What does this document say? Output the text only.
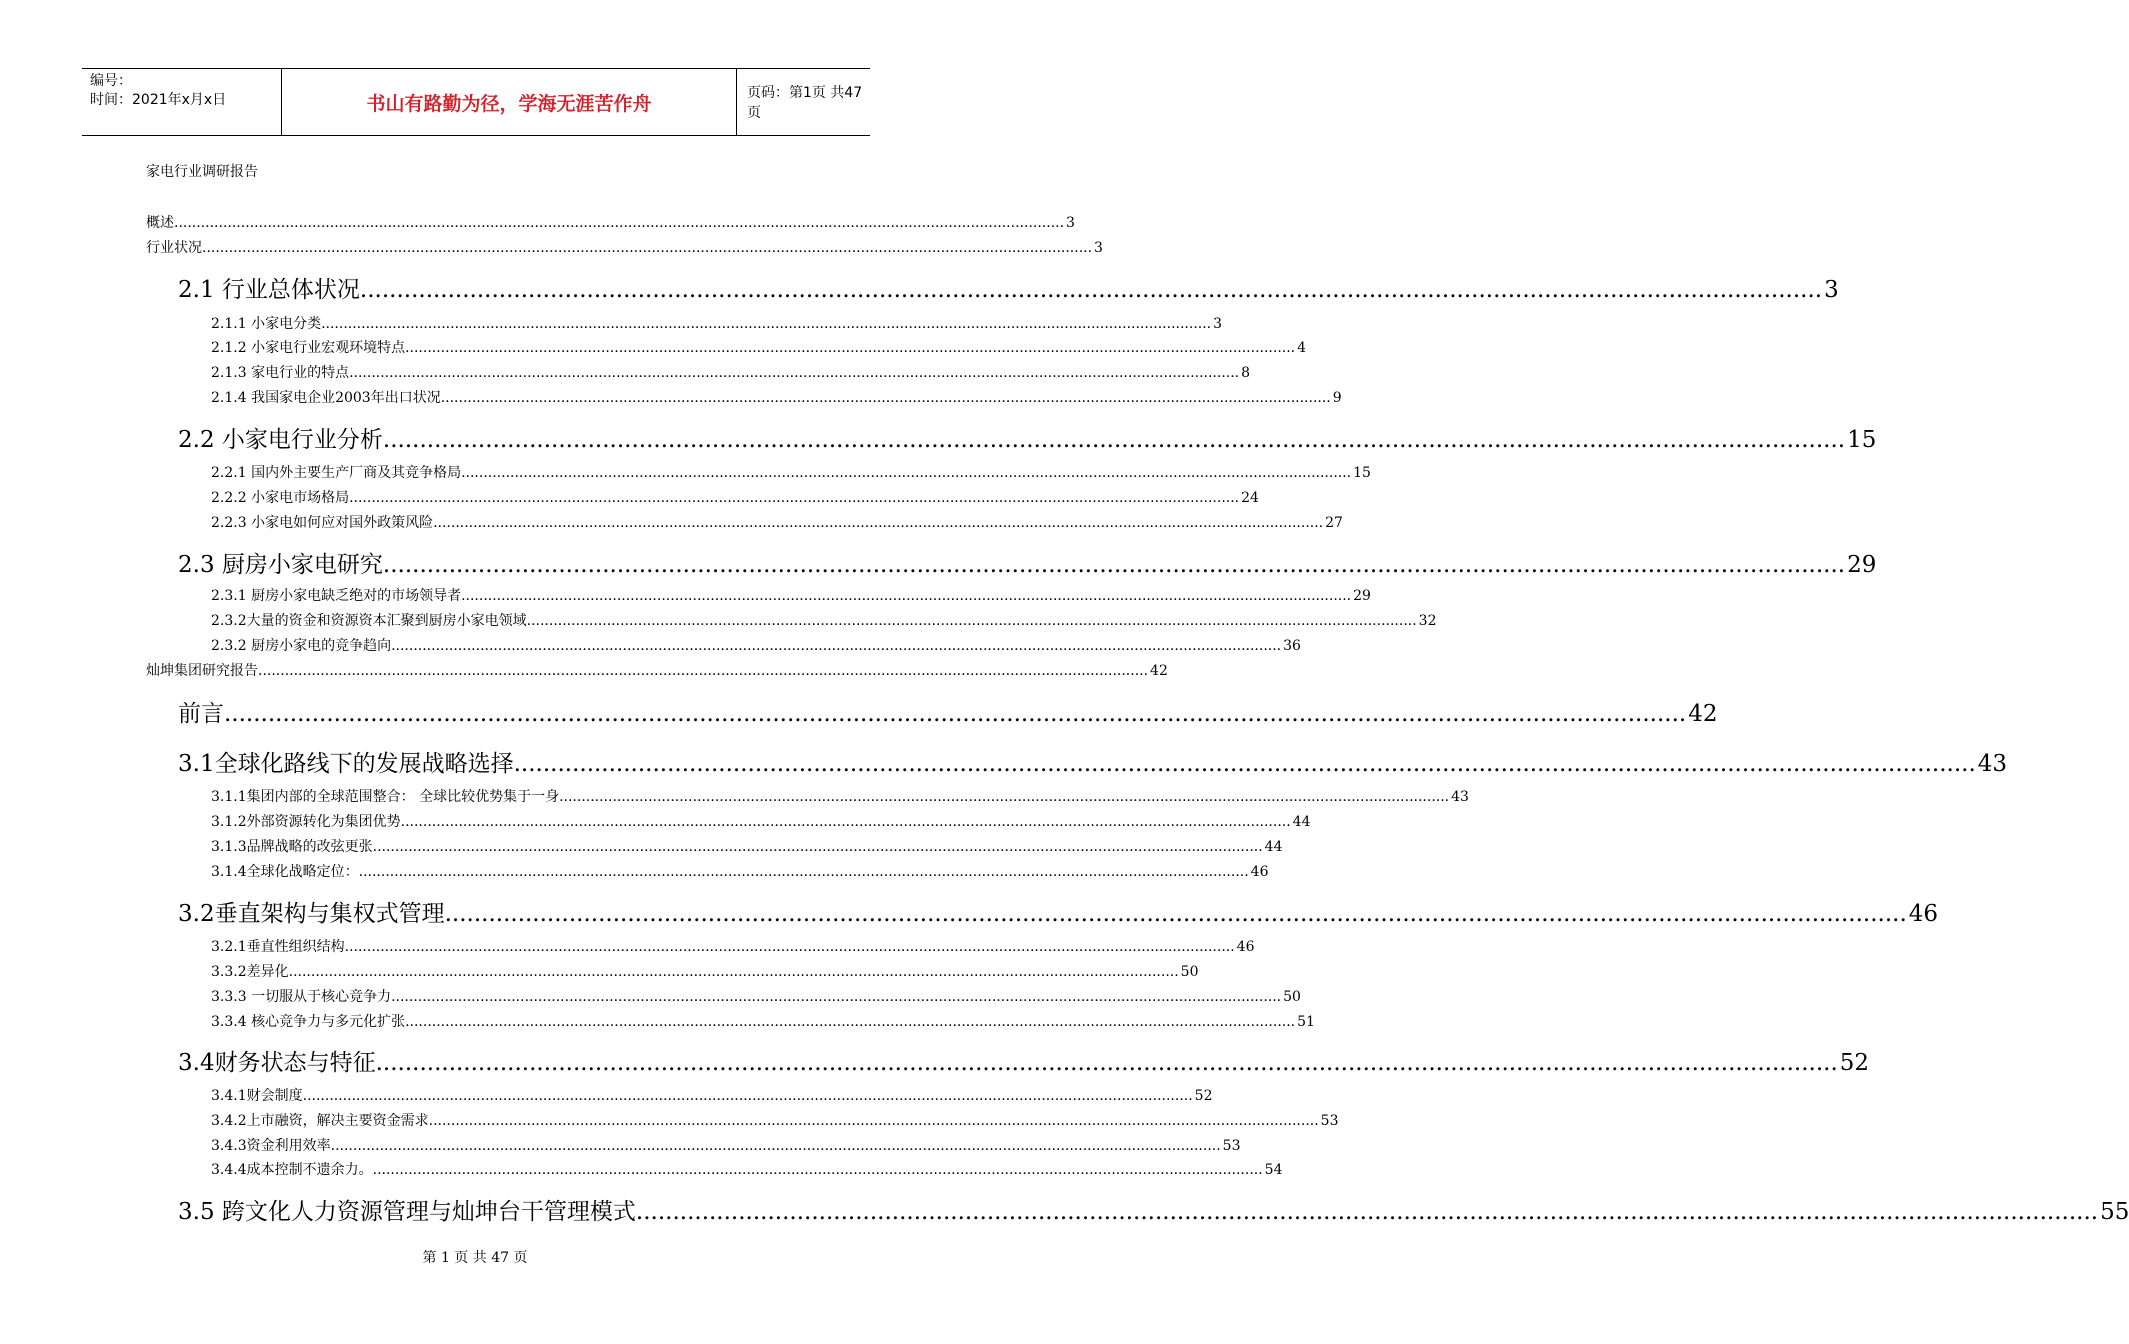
编号：
时间：2021年x月x日	书山有路勤为径，学海无涯苦作舟	页码：第1页 共47页
家电行业调研报告
概述 ........................................................................................................................................................................................................ 3
行业状况 ........................................................................................................................................................................................................ 3
2.1 行业总体状况 ........................................................................................................................................................................................................ 3
2.1.1 小家电分类 ........................................................................................................................................................................................................ 3
2.1.2 小家电行业宏观环境特点 ........................................................................................................................................................................................................ 4
2.1.3 家电行业的特点 ........................................................................................................................................................................................................ 8
2.1.4 我国家电企业2003年出口状况 ........................................................................................................................................................................................................ 9
2.2 小家电行业分析 ........................................................................................................................................................................................................ 15
2.2.1 国内外主要生产厂商及其竞争格局 ........................................................................................................................................................................................................ 15
2.2.2 小家电市场格局 ........................................................................................................................................................................................................ 24
2.2.3 小家电如何应对国外政策风险 ........................................................................................................................................................................................................ 27
2.3 厨房小家电研究 ........................................................................................................................................................................................................ 29
2.3.1 厨房小家电缺乏绝对的市场领导者 ........................................................................................................................................................................................................ 29
2.3.2大量的资金和资源资本汇聚到厨房小家电领域 ........................................................................................................................................................................................................ 32
2.3.2 厨房小家电的竞争趋向 ........................................................................................................................................................................................................ 36
灿坤集团研究报告 ........................................................................................................................................................................................................ 42
前言 ........................................................................................................................................................................................................ 42
3.1全球化路线下的发展战略选择 ........................................................................................................................................................................................................ 43
3.1.1集团内部的全球范围整合： 全球比较优势集于一身 ........................................................................................................................................................................................................ 43
3.1.2外部资源转化为集团优势 ........................................................................................................................................................................................................ 44
3.1.3品牌战略的改弦更张 ........................................................................................................................................................................................................ 44
3.1.4全球化战略定位： ........................................................................................................................................................................................................ 46
3.2垂直架构与集权式管理 ........................................................................................................................................................................................................ 46
3.2.1垂直性组织结构 ........................................................................................................................................................................................................ 46
3.3.2差异化 ........................................................................................................................................................................................................ 50
3.3.3 一切服从于核心竞争力 ........................................................................................................................................................................................................ 50
3.3.4 核心竞争力与多元化扩张 ........................................................................................................................................................................................................ 51
3.4财务状态与特征 ........................................................................................................................................................................................................ 52
3.4.1财会制度 ........................................................................................................................................................................................................ 52
3.4.2上市融资，解决主要资金需求 ........................................................................................................................................................................................................ 53
3.4.3资金利用效率 ........................................................................................................................................................................................................ 53
3.4.4成本控制不遗余力。 ........................................................................................................................................................................................................ 54
3.5 跨文化人力资源管理与灿坤台干管理模式 ........................................................................................................................................................................................................ 55
第 1 页 共 47 页
